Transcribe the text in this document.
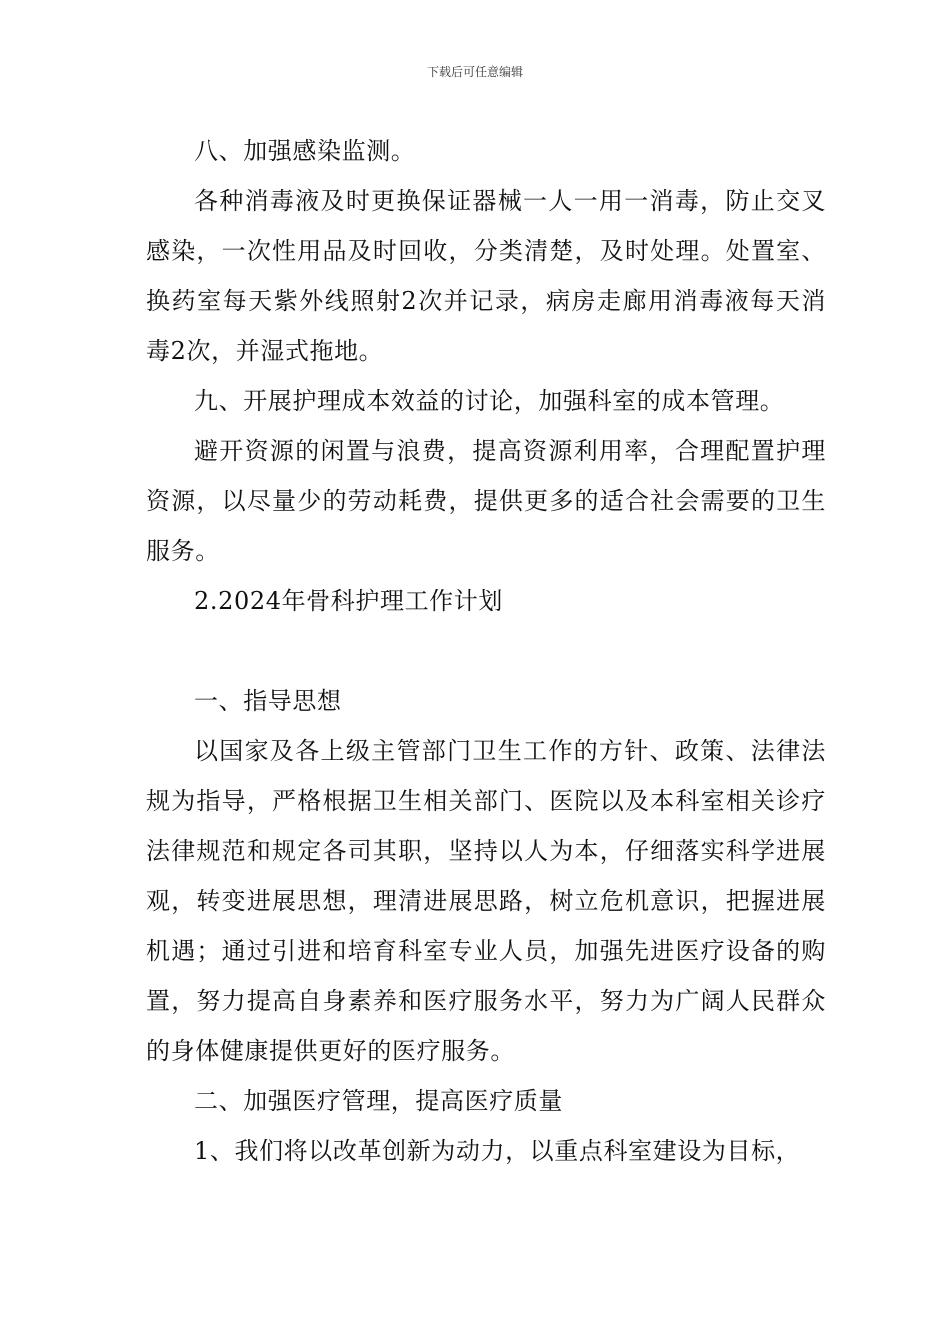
下载后可任意编辑

八、加强感染监测。

各种消毒液及时更换保证器械一人一用一消毒，防止交叉感染，一次性用品及时回收，分类清楚，及时处理。处置室、换药室每天紫外线照射2次并记录，病房走廊用消毒液每天消毒2次，并湿式拖地。

九、开展护理成本效益的讨论，加强科室的成本管理。

避开资源的闲置与浪费，提高资源利用率，合理配置护理资源，以尽量少的劳动耗费，提供更多的适合社会需要的卫生服务。

2.2024年骨科护理工作计划

一、指导思想

以国家及各上级主管部门卫生工作的方针、政策、法律法规为指导，严格根据卫生相关部门、医院以及本科室相关诊疗法律规范和规定各司其职，坚持以人为本，仔细落实科学进展观，转变进展思想，理清进展思路，树立危机意识，把握进展机遇；通过引进和培育科室专业人员，加强先进医疗设备的购置，努力提高自身素养和医疗服务水平，努力为广阔人民群众的身体健康提供更好的医疗服务。

二、加强医疗管理，提高医疗质量

1、我们将以改革创新为动力，以重点科室建设为目标，
